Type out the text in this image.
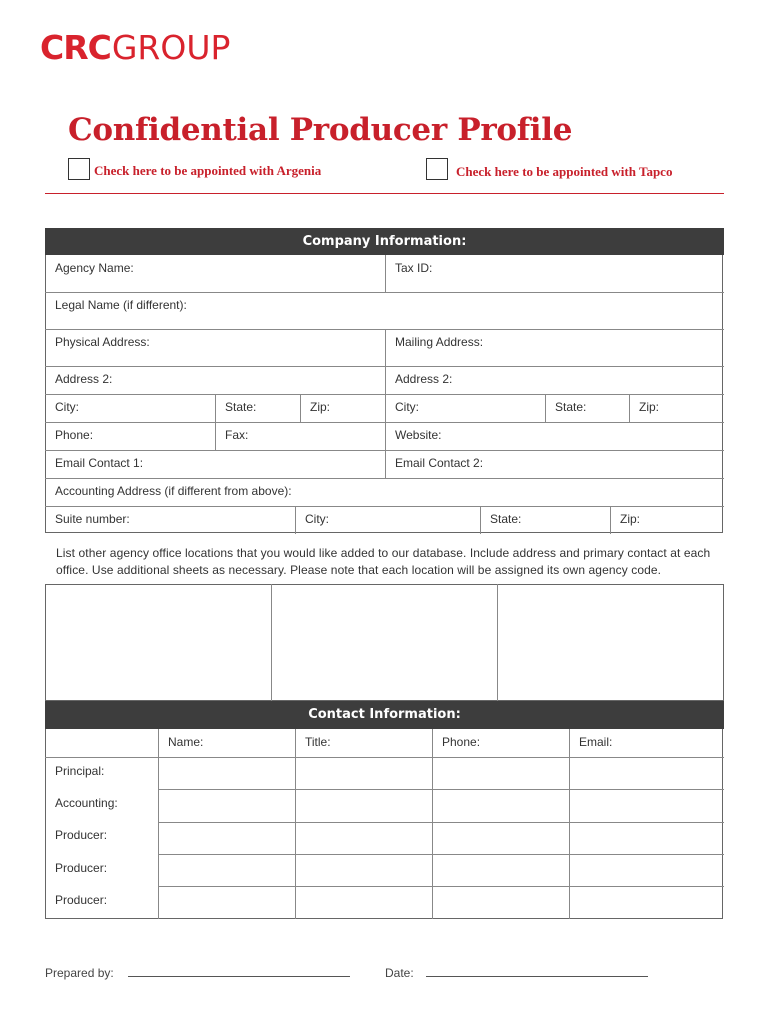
CRC GROUP
Confidential Producer Profile
Check here to be appointed with Argenia	Check here to be appointed with Tapco
Company Information:
Agency Name:	Tax ID:
Legal Name (if different):
Physical Address:	Mailing Address:
Address 2:	Address 2:
City:	State:	Zip:	City:	State:	Zip:
Phone:	Fax:	Website:
Email Contact 1:	Email Contact 2:
Accounting Address (if different from above):
Suite number:	City:	State:	Zip:
List other agency office locations that you would like added to our database. Include address and primary contact at each office. Use additional sheets as necessary. Please note that each location will be assigned its own agency code.
Contact Information:
Name:	Title:	Phone:	Email:
Principal:
Accounting:
Producer:
Producer:
Producer:
Prepared by:	Date:
